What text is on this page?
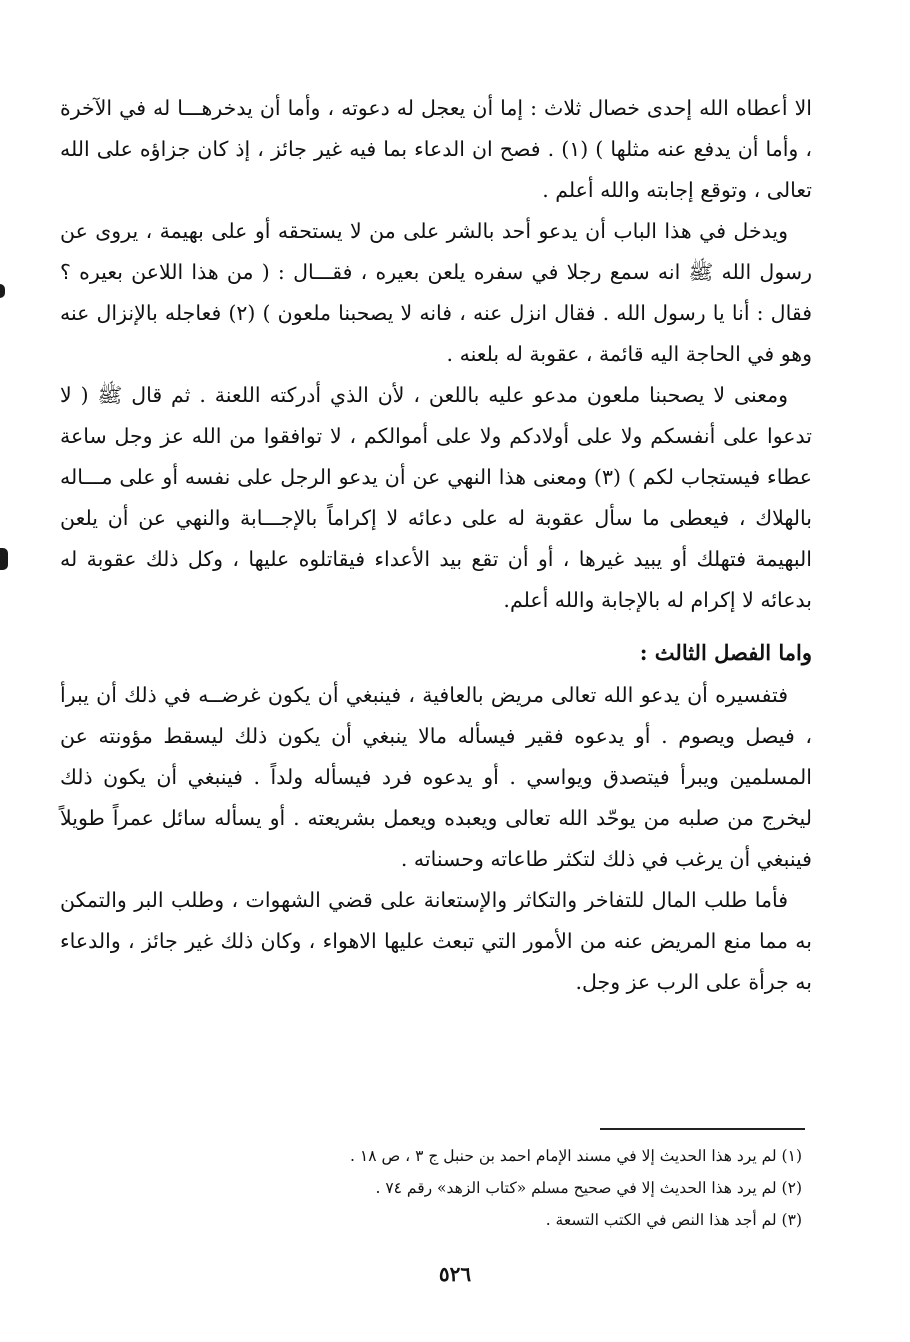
الا أعطاه الله إحدى خصال ثلاث : إما أن يعجل له دعوته ، وأما أن يدخرهـــا له في الآخرة ، وأما أن يدفع عنه مثلها ) (١) . فصح ان الدعاء بما فيه غير جائز ، إذ كان جزاؤه على الله تعالى ، وتوقع إجابته والله أعلم .

ويدخل في هذا الباب أن يدعو أحد بالشر على من لا يستحقه أو على بهيمة ، يروى عن رسول الله ﷺ انه سمع رجلا في سفره يلعن بعيره ، فقـــال : ( من هذا اللاعن بعيره ؟ فقال : أنا يا رسول الله . فقال انزل عنه ، فانه لا يصحبنا ملعون ) (٢) فعاجله بالإنزال عنه وهو في الحاجة اليه قائمة ، عقوبة له بلعنه .

ومعنى لا يصحبنا ملعون مدعو عليه باللعن ، لأن الذي أدركته اللعنة . ثم قال ﷺ ( لا تدعوا على أنفسكم ولا على أولادكم ولا على أموالكم ، لا توافقوا من الله عز وجل ساعة عطاء فيستجاب لكم ) (٣) ومعنى هذا النهي عن أن يدعو الرجل على نفسه أو على مـــاله بالهلاك ، فيعطى ما سأل عقوبة له على دعائه لا إكراماً بالإجـــابة والنهي عن أن يلعن البهيمة فتهلك أو يبيد غيرها ، أو أن تقع بيد الأعداء فيقاتلوه عليها ، وكل ذلك عقوبة له بدعائه لا إكرام له بالإجابة والله أعلم.

واما الفصل الثالث :

فتفسيره أن يدعو الله تعالى مريض بالعافية ، فينبغي أن يكون غرضــه في ذلك أن يبرأ ، فيصل ويصوم . أو يدعوه فقير فيسأله مالا ينبغي أن يكون ذلك ليسقط مؤونته عن المسلمين ويبرأ فيتصدق ويواسي . أو يدعوه فرد فيسأله ولداً . فينبغي أن يكون ذلك ليخرج من صلبه من يوحّد الله تعالى ويعبده ويعمل بشريعته . أو يسأله سائل عمراً طويلاً فينبغي أن يرغب في ذلك لتكثر طاعاته وحسناته .

فأما طلب المال للتفاخر والتكاثر والإستعانة على قضي الشهوات ، وطلب البر والتمكن به مما منع المريض عنه من الأمور التي تبعث عليها الاهواء ، وكان ذلك غير جائز ، والدعاء به جرأة على الرب عز وجل.

(١) لم يرد هذا الحديث إلا في مسند الإمام احمد بن حنبل ج ٣ ، ص ١٨ .

(٢) لم يرد هذا الحديث إلا في صحيح مسلم «كتاب الزهد» رقم ٧٤ .

(٣) لم أجد هذا النص في الكتب التسعة .

٥٢٦
